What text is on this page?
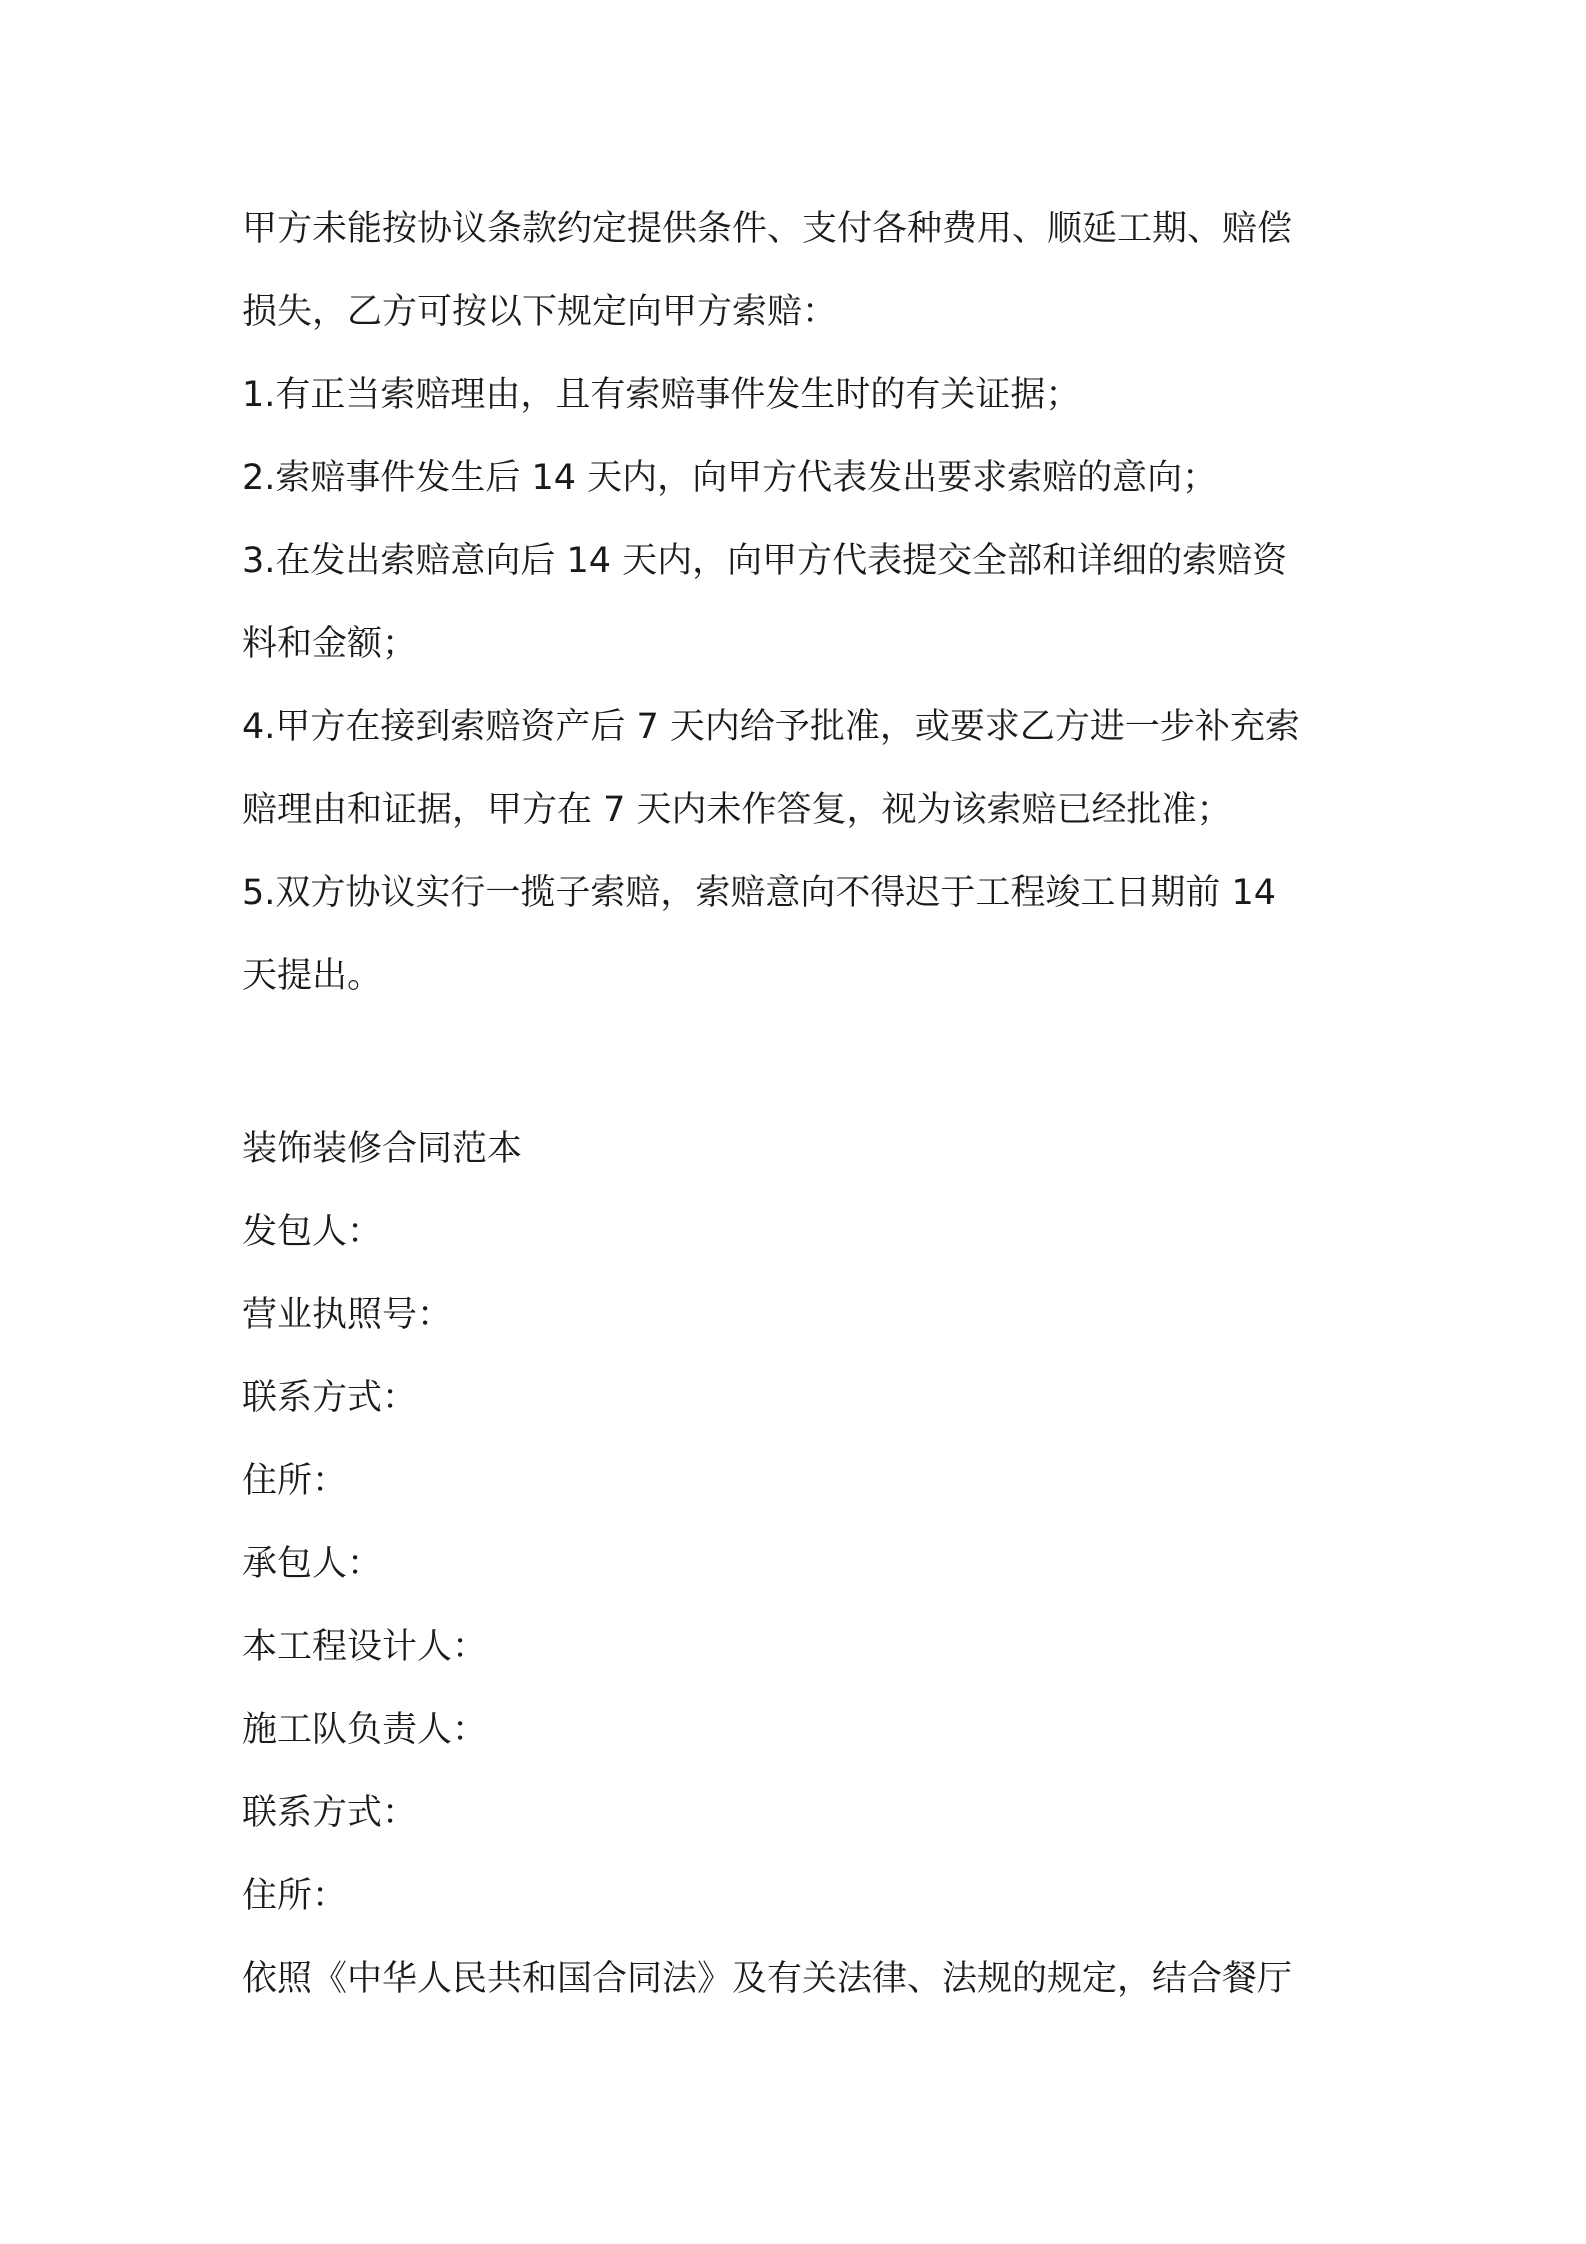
甲方未能按协议条款约定提供条件、支付各种费用、顺延工期、赔偿

损失，乙方可按以下规定向甲方索赔：

1.有正当索赔理由，且有索赔事件发生时的有关证据；

2.索赔事件发生后 14 天内，向甲方代表发出要求索赔的意向；

3.在发出索赔意向后 14 天内，向甲方代表提交全部和详细的索赔资

料和金额；

4.甲方在接到索赔资产后 7 天内给予批准，或要求乙方进一步补充索

赔理由和证据，甲方在 7 天内未作答复，视为该索赔已经批准；

5.双方协议实行一揽子索赔，索赔意向不得迟于工程竣工日期前 14

天提出。

装饰装修合同范本

发包人：

营业执照号：

联系方式：

住所：

承包人：

本工程设计人：

施工队负责人：

联系方式：

住所：

依照《中华人民共和国合同法》及有关法律、法规的规定，结合餐厅
